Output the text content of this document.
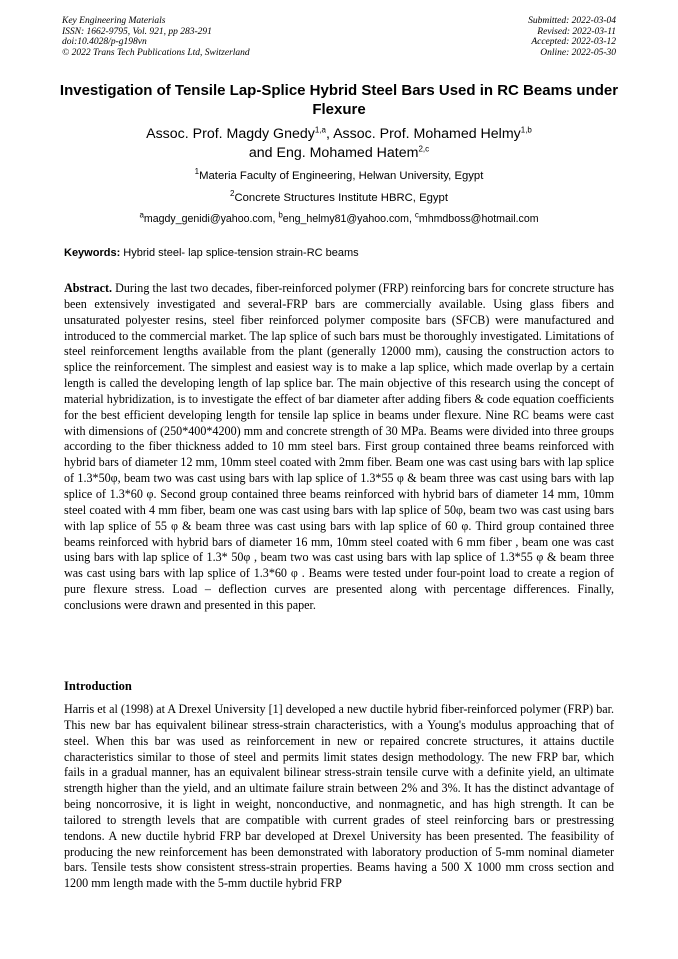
Key Engineering Materials
ISSN: 1662-9795, Vol. 921, pp 283-291
doi:10.4028/p-g198vn
© 2022 Trans Tech Publications Ltd, Switzerland
Submitted: 2022-03-04
Revised: 2022-03-11
Accepted: 2022-03-12
Online: 2022-05-30
Investigation of Tensile Lap-Splice Hybrid Steel Bars Used in RC Beams under Flexure
Assoc. Prof. Magdy Gnedy$^{1,a}$, Assoc. Prof. Mohamed Helmy$^{1,b}$
and Eng. Mohamed Hatem$^{2,c}$
$^1$Materia Faculty of Engineering, Helwan University, Egypt
$^2$Concrete Structures Institute HBRC, Egypt
$^a$magdy_genidi@yahoo.com, $^b$eng_helmy81@yahoo.com, $^c$mhmdboss@hotmail.com
Keywords: Hybrid steel- lap splice-tension strain-RC beams
Abstract. During the last two decades, fiber-reinforced polymer (FRP) reinforcing bars for concrete structure has been extensively investigated and several-FRP bars are commercially available. Using glass fibers and unsaturated polyester resins, steel fiber reinforced polymer composite bars (SFCB) were manufactured and introduced to the commercial market. The lap splice of such bars must be thoroughly investigated. Limitations of steel reinforcement lengths available from the plant (generally 12000 mm), causing the construction actors to splice the reinforcement. The simplest and easiest way is to make a lap splice, which made overlap by a certain length is called the developing length of lap splice bar. The main objective of this research using the concept of material hybridization, is to investigate the effect of bar diameter after adding fibers & code equation coefficients for the best efficient developing length for tensile lap splice in beams under flexure. Nine RC beams were cast with dimensions of (250*400*4200) mm and concrete strength of 30 MPa. Beams were divided into three groups according to the fiber thickness added to 10 mm steel bars. First group contained three beams reinforced with hybrid bars of diameter 12 mm, 10mm steel coated with 2mm fiber. Beam one was cast using bars with lap splice of 1.3*50φ, beam two was cast using bars with lap splice of 1.3*55 φ & beam three was cast using bars with lap splice of 1.3*60 φ. Second group contained three beams reinforced with hybrid bars of diameter 14 mm, 10mm steel coated with 4 mm fiber, beam one was cast using bars with lap splice of 50φ, beam two was cast using bars with lap splice of 55 φ & beam three was cast using bars with lap splice of 60 φ. Third group contained three beams reinforced with hybrid bars of diameter 16 mm, 10mm steel coated with 6 mm fiber , beam one was cast using bars with lap splice of 1.3* 50φ , beam two was cast using bars with lap splice of 1.3*55 φ & beam three was cast using bars with lap splice of 1.3*60 φ . Beams were tested under four-point load to create a region of pure flexure stress. Load – deflection curves are presented along with percentage differences. Finally, conclusions were drawn and presented in this paper.
Introduction
Harris et al (1998) at A Drexel University [1] developed a new ductile hybrid fiber-reinforced polymer (FRP) bar. This new bar has equivalent bilinear stress-strain characteristics, with a Young's modulus approaching that of steel. When this bar was used as reinforcement in new or repaired concrete structures, it attains ductile characteristics similar to those of steel and permits limit states design methodology. The new FRP bar, which fails in a gradual manner, has an equivalent bilinear stress-strain tensile curve with a definite yield, an ultimate strength higher than the yield, and an ultimate failure strain between 2% and 3%. It has the distinct advantage of being noncorrosive, it is light in weight, nonconductive, and nonmagnetic, and has high strength. It can be tailored to strength levels that are compatible with current grades of steel reinforcing bars or prestressing tendons. A new ductile hybrid FRP bar developed at Drexel University has been presented. The feasibility of producing the new reinforcement has been demonstrated with laboratory production of 5-mm nominal diameter bars. Tensile tests show consistent stress-strain properties. Beams having a 500 X 1000 mm cross section and 1200 mm length made with the 5-mm ductile hybrid FRP
